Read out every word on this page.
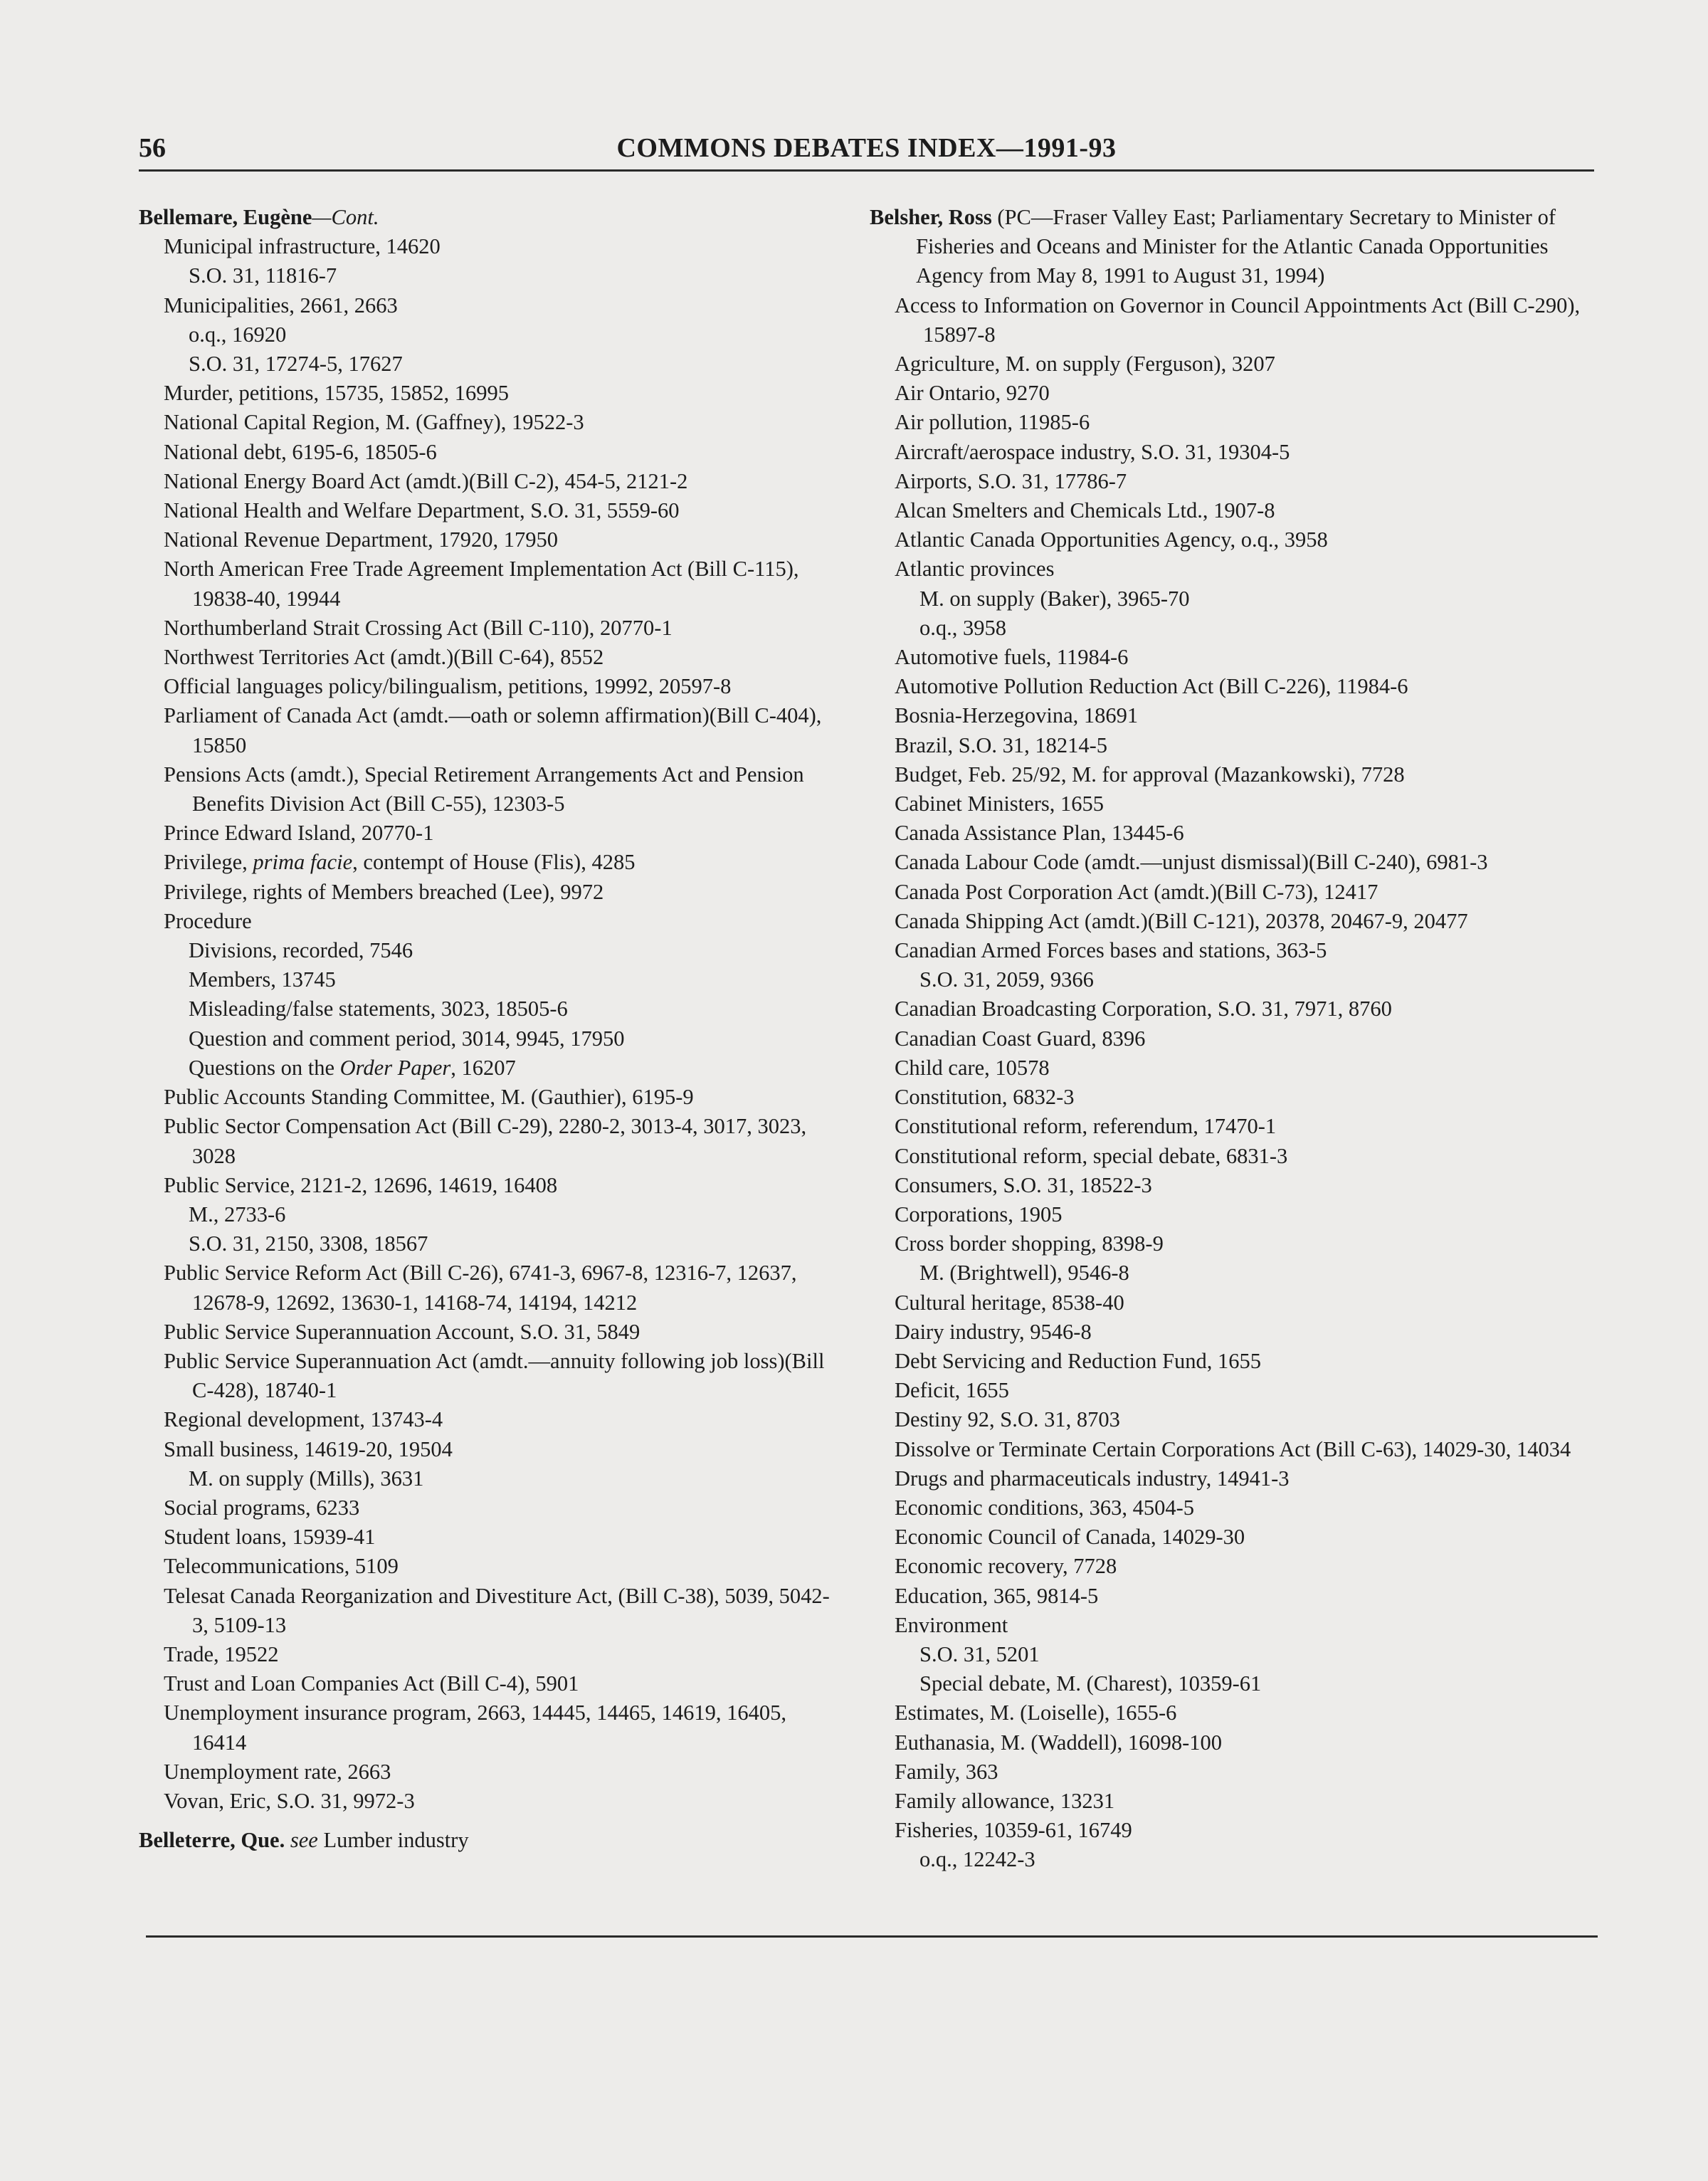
56	COMMONS DEBATES INDEX—1991-93
Bellemare, Eugène—Cont.
Municipal infrastructure, 14620
S.O. 31, 11816-7
Municipalities, 2661, 2663
o.q., 16920
S.O. 31, 17274-5, 17627
Murder, petitions, 15735, 15852, 16995
National Capital Region, M. (Gaffney), 19522-3
National debt, 6195-6, 18505-6
National Energy Board Act (amdt.)(Bill C-2), 454-5, 2121-2
National Health and Welfare Department, S.O. 31, 5559-60
National Revenue Department, 17920, 17950
North American Free Trade Agreement Implementation Act (Bill C-115), 19838-40, 19944
Northumberland Strait Crossing Act (Bill C-110), 20770-1
Northwest Territories Act (amdt.)(Bill C-64), 8552
Official languages policy/bilingualism, petitions, 19992, 20597-8
Parliament of Canada Act (amdt.—oath or solemn affirmation)(Bill C-404), 15850
Pensions Acts (amdt.), Special Retirement Arrangements Act and Pension Benefits Division Act (Bill C-55), 12303-5
Prince Edward Island, 20770-1
Privilege, prima facie, contempt of House (Flis), 4285
Privilege, rights of Members breached (Lee), 9972
Procedure
Divisions, recorded, 7546
Members, 13745
Misleading/false statements, 3023, 18505-6
Question and comment period, 3014, 9945, 17950
Questions on the Order Paper, 16207
Public Accounts Standing Committee, M. (Gauthier), 6195-9
Public Sector Compensation Act (Bill C-29), 2280-2, 3013-4, 3017, 3023, 3028
Public Service, 2121-2, 12696, 14619, 16408
M., 2733-6
S.O. 31, 2150, 3308, 18567
Public Service Reform Act (Bill C-26), 6741-3, 6967-8, 12316-7, 12637, 12678-9, 12692, 13630-1, 14168-74, 14194, 14212
Public Service Superannuation Account, S.O. 31, 5849
Public Service Superannuation Act (amdt.—annuity following job loss)(Bill C-428), 18740-1
Regional development, 13743-4
Small business, 14619-20, 19504
M. on supply (Mills), 3631
Social programs, 6233
Student loans, 15939-41
Telecommunications, 5109
Telesat Canada Reorganization and Divestiture Act, (Bill C-38), 5039, 5042-3, 5109-13
Trade, 19522
Trust and Loan Companies Act (Bill C-4), 5901
Unemployment insurance program, 2663, 14445, 14465, 14619, 16405, 16414
Unemployment rate, 2663
Vovan, Eric, S.O. 31, 9972-3
Belleterre, Que. see Lumber industry
Belsher, Ross (PC—Fraser Valley East; Parliamentary Secretary to Minister of Fisheries and Oceans and Minister for the Atlantic Canada Opportunities Agency from May 8, 1991 to August 31, 1994)
Access to Information on Governor in Council Appointments Act (Bill C-290), 15897-8
Agriculture, M. on supply (Ferguson), 3207
Air Ontario, 9270
Air pollution, 11985-6
Aircraft/aerospace industry, S.O. 31, 19304-5
Airports, S.O. 31, 17786-7
Alcan Smelters and Chemicals Ltd., 1907-8
Atlantic Canada Opportunities Agency, o.q., 3958
Atlantic provinces
M. on supply (Baker), 3965-70
o.q., 3958
Automotive fuels, 11984-6
Automotive Pollution Reduction Act (Bill C-226), 11984-6
Bosnia-Herzegovina, 18691
Brazil, S.O. 31, 18214-5
Budget, Feb. 25/92, M. for approval (Mazankowski), 7728
Cabinet Ministers, 1655
Canada Assistance Plan, 13445-6
Canada Labour Code (amdt.—unjust dismissal)(Bill C-240), 6981-3
Canada Post Corporation Act (amdt.)(Bill C-73), 12417
Canada Shipping Act (amdt.)(Bill C-121), 20378, 20467-9, 20477
Canadian Armed Forces bases and stations, 363-5
S.O. 31, 2059, 9366
Canadian Broadcasting Corporation, S.O. 31, 7971, 8760
Canadian Coast Guard, 8396
Child care, 10578
Constitution, 6832-3
Constitutional reform, referendum, 17470-1
Constitutional reform, special debate, 6831-3
Consumers, S.O. 31, 18522-3
Corporations, 1905
Cross border shopping, 8398-9
M. (Brightwell), 9546-8
Cultural heritage, 8538-40
Dairy industry, 9546-8
Debt Servicing and Reduction Fund, 1655
Deficit, 1655
Destiny 92, S.O. 31, 8703
Dissolve or Terminate Certain Corporations Act (Bill C-63), 14029-30, 14034
Drugs and pharmaceuticals industry, 14941-3
Economic conditions, 363, 4504-5
Economic Council of Canada, 14029-30
Economic recovery, 7728
Education, 365, 9814-5
Environment
S.O. 31, 5201
Special debate, M. (Charest), 10359-61
Estimates, M. (Loiselle), 1655-6
Euthanasia, M. (Waddell), 16098-100
Family, 363
Family allowance, 13231
Fisheries, 10359-61, 16749
o.q., 12242-3
